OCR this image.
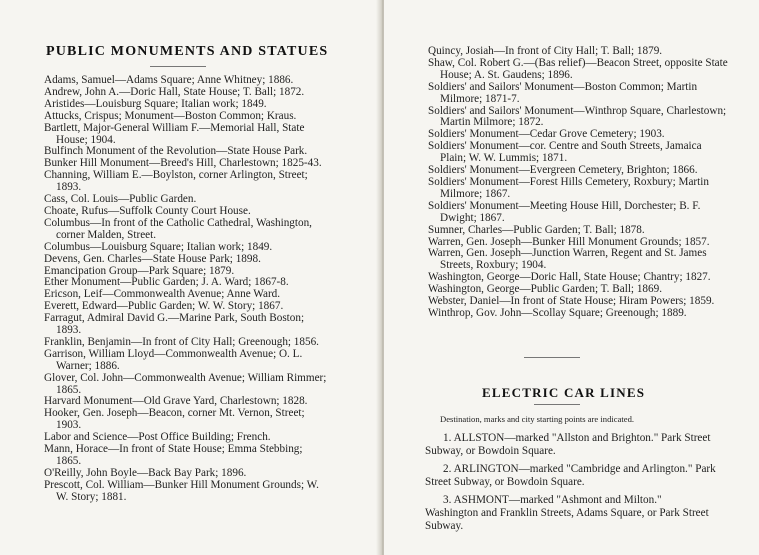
PUBLIC MONUMENTS AND STATUES
Adams, Samuel—Adams Square; Anne Whitney; 1886.
Andrew, John A.—Doric Hall, State House; T. Ball; 1872.
Aristides—Louisburg Square; Italian work; 1849.
Attucks, Crispus; Monument—Boston Common; Kraus.
Bartlett, Major-General William F.—Memorial Hall, State House; 1904.
Bulfinch Monument of the Revolution—State House Park.
Bunker Hill Monument—Breed's Hill, Charlestown; 1825-43.
Channing, William E.—Boylston, corner Arlington, Street; 1893.
Cass, Col. Louis—Public Garden.
Choate, Rufus—Suffolk County Court House.
Columbus—In front of the Catholic Cathedral, Washington, corner Malden, Street.
Columbus—Louisburg Square; Italian work; 1849.
Devens, Gen. Charles—State House Park; 1898.
Emancipation Group—Park Square; 1879.
Ether Monument—Public Garden; J. A. Ward; 1867-8.
Ericson, Leif—Commonwealth Avenue; Anne Ward.
Everett, Edward—Public Garden; W. W. Story; 1867.
Farragut, Admiral David G.—Marine Park, South Boston; 1893.
Franklin, Benjamin—In front of City Hall; Greenough; 1856.
Garrison, William Lloyd—Commonwealth Avenue; O. L. Warner; 1886.
Glover, Col. John—Commonwealth Avenue; William Rimmer; 1865.
Harvard Monument—Old Grave Yard, Charlestown; 1828.
Hooker, Gen. Joseph—Beacon, corner Mt. Vernon, Street; 1903.
Labor and Science—Post Office Building; French.
Mann, Horace—In front of State House; Emma Stebbing; 1865.
O'Reilly, John Boyle—Back Bay Park; 1896.
Prescott, Col. William—Bunker Hill Monument Grounds; W. W. Story; 1881.
Quincy, Josiah—In front of City Hall; T. Ball; 1879.
Shaw, Col. Robert G.—(Bas relief)—Beacon Street, opposite State House; A. St. Gaudens; 1896.
Soldiers' and Sailors' Monument—Boston Common; Martin Milmore; 1871-7.
Soldiers' and Sailors' Monument—Winthrop Square, Charlestown; Martin Milmore; 1872.
Soldiers' Monument—Cedar Grove Cemetery; 1903.
Soldiers' Monument—cor. Centre and South Streets, Jamaica Plain; W. W. Lummis; 1871.
Soldiers' Monument—Evergreen Cemetery, Brighton; 1866.
Soldiers' Monument—Forest Hills Cemetery, Roxbury; Martin Milmore; 1867.
Soldiers' Monument—Meeting House Hill, Dorchester; B. F. Dwight; 1867.
Sumner, Charles—Public Garden; T. Ball; 1878.
Warren, Gen. Joseph—Bunker Hill Monument Grounds; 1857.
Warren, Gen. Joseph—Junction Warren, Regent and St. James Streets, Roxbury; 1904.
Washington, George—Doric Hall, State House; Chantry; 1827.
Washington, George—Public Garden; T. Ball; 1869.
Webster, Daniel—In front of State House; Hiram Powers; 1859.
Winthrop, Gov. John—Scollay Square; Greenough; 1889.
ELECTRIC CAR LINES
Destination, marks and city starting points are indicated.
1. ALLSTON—marked "Allston and Brighton." Park Street Subway, or Bowdoin Square.
2. ARLINGTON—marked "Cambridge and Arlington." Park Street Subway, or Bowdoin Square.
3. ASHMONT—marked "Ashmont and Milton." Washington and Franklin Streets, Adams Square, or Park Street Subway.
